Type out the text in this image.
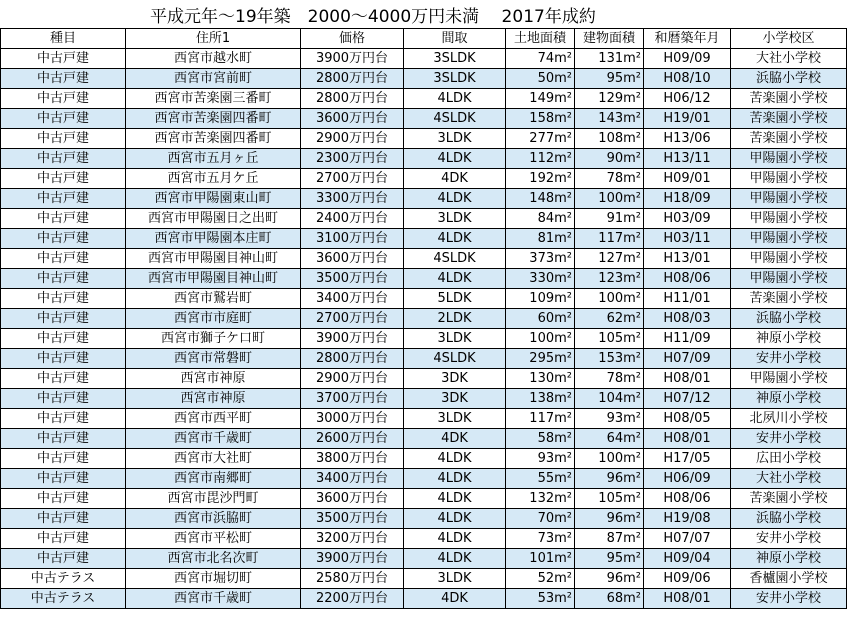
平成元年～19年築　2000～4000万円未満　 2017年成約
種目	住所1	価格	間取	土地面積	建物面積	和暦築年月	小学校区
中古戸建	西宮市越水町	3900万円台	3SLDK	74m²	131m²	H09/09	大社小学校
中古戸建	西宮市宮前町	2800万円台	3SLDK	50m²	95m²	H08/10	浜脇小学校
中古戸建	西宮市苦楽園三番町	2800万円台	4LDK	149m²	129m²	H06/12	苦楽園小学校
中古戸建	西宮市苦楽園四番町	3600万円台	4SLDK	158m²	143m²	H19/01	苦楽園小学校
中古戸建	西宮市苦楽園四番町	2900万円台	3LDK	277m²	108m²	H13/06	苦楽園小学校
中古戸建	西宮市五月ヶ丘	2300万円台	4LDK	112m²	90m²	H13/11	甲陽園小学校
中古戸建	西宮市五月ケ丘	2700万円台	4DK	192m²	78m²	H09/01	甲陽園小学校
中古戸建	西宮市甲陽園東山町	3300万円台	4LDK	148m²	100m²	H18/09	甲陽園小学校
中古戸建	西宮市甲陽園日之出町	2400万円台	3LDK	84m²	91m²	H03/09	甲陽園小学校
中古戸建	西宮市甲陽園本庄町	3100万円台	4LDK	81m²	117m²	H03/11	甲陽園小学校
中古戸建	西宮市甲陽園目神山町	3600万円台	4SLDK	373m²	127m²	H13/01	甲陽園小学校
中古戸建	西宮市甲陽園目神山町	3500万円台	4LDK	330m²	123m²	H08/06	甲陽園小学校
中古戸建	西宮市鷲岩町	3400万円台	5LDK	109m²	100m²	H11/01	苦楽園小学校
中古戸建	西宮市市庭町	2700万円台	2LDK	60m²	62m²	H08/03	浜脇小学校
中古戸建	西宮市獅子ケ口町	3900万円台	3LDK	100m²	105m²	H11/09	神原小学校
中古戸建	西宮市常磐町	2800万円台	4SLDK	295m²	153m²	H07/09	安井小学校
中古戸建	西宮市神原	2900万円台	3DK	130m²	78m²	H08/01	甲陽園小学校
中古戸建	西宮市神原	3700万円台	3DK	138m²	104m²	H07/12	神原小学校
中古戸建	西宮市西平町	3000万円台	3LDK	117m²	93m²	H08/05	北夙川小学校
中古戸建	西宮市千歳町	2600万円台	4DK	58m²	64m²	H08/01	安井小学校
中古戸建	西宮市大社町	3800万円台	4LDK	93m²	100m²	H17/05	広田小学校
中古戸建	西宮市南郷町	3400万円台	4LDK	55m²	96m²	H06/09	大社小学校
中古戸建	西宮市毘沙門町	3600万円台	4LDK	132m²	105m²	H08/06	苦楽園小学校
中古戸建	西宮市浜脇町	3500万円台	4LDK	70m²	96m²	H19/08	浜脇小学校
中古戸建	西宮市平松町	3200万円台	4LDK	73m²	87m²	H07/07	安井小学校
中古戸建	西宮市北名次町	3900万円台	4LDK	101m²	95m²	H09/04	神原小学校
中古テラス	西宮市堀切町	2580万円台	3LDK	52m²	96m²	H09/06	香櫨園小学校
中古テラス	西宮市千歳町	2200万円台	4DK	53m²	68m²	H08/01	安井小学校
